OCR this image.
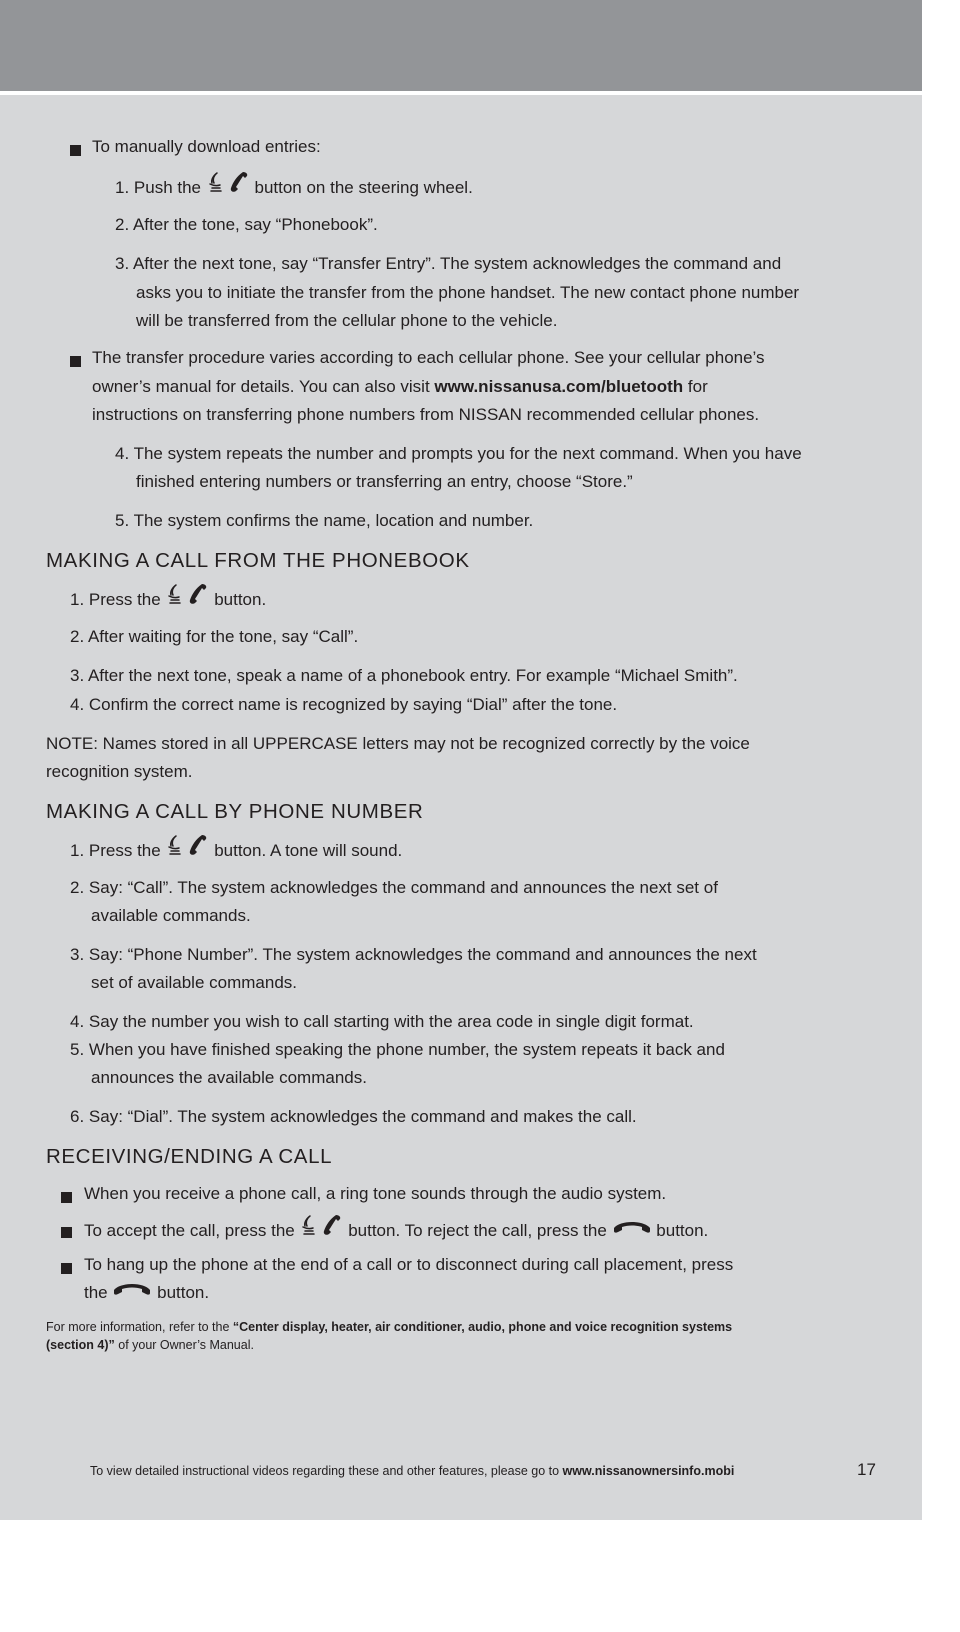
To manually download entries:
1. Push the	button on the steering wheel.
2. After the tone, say “Phonebook”.
3. After the next tone, say “Transfer Entry”. The system acknowledges the command and
asks you to initiate the transfer from the phone handset. The new contact phone number
will be transferred from the cellular phone to the vehicle.
The transfer procedure varies according to each cellular phone. See your cellular phone’s
owner’s manual for details. You can also visit www.nissanusa.com/bluetooth for
instructions on transferring phone numbers from NISSAN recommended cellular phones.
4. The system repeats the number and prompts you for the next command. When you have
finished entering numbers or transferring an entry, choose “Store.”
5. The system confirms the name, location and number.
MAKING A CALL FROM THE PHONEBOOK
1. Press the	button.
2. After waiting for the tone, say “Call”.
3. After the next tone, speak a name of a phonebook entry. For example “Michael Smith”.
4. Confirm the correct name is recognized by saying “Dial” after the tone.
NOTE: Names stored in all UPPERCASE letters may not be recognized correctly by the voice
recognition system.
MAKING A CALL BY PHONE NUMBER
1. Press the	button. A tone will sound.
2. Say: “Call”. The system acknowledges the command and announces the next set of
available commands.
3. Say: “Phone Number”. The system acknowledges the command and announces the next
set of available commands.
4. Say the number you wish to call starting with the area code in single digit format.
5. When you have finished speaking the phone number, the system repeats it back and
announces the available commands.
6. Say: “Dial”. The system acknowledges the command and makes the call.
RECEIVING/ENDING A CALL
When you receive a phone call, a ring tone sounds through the audio system.
To accept the call, press the	button. To reject the call, press the	button.
To hang up the phone at the end of a call or to disconnect during call placement, press
the	button.
For more information, refer to the “Center display, heater, air conditioner, audio, phone and voice recognition systems
(section 4)” of your Owner’s Manual.
To view detailed instructional videos regarding these and other features, please go to www.nissanownersinfo.mobi	17
